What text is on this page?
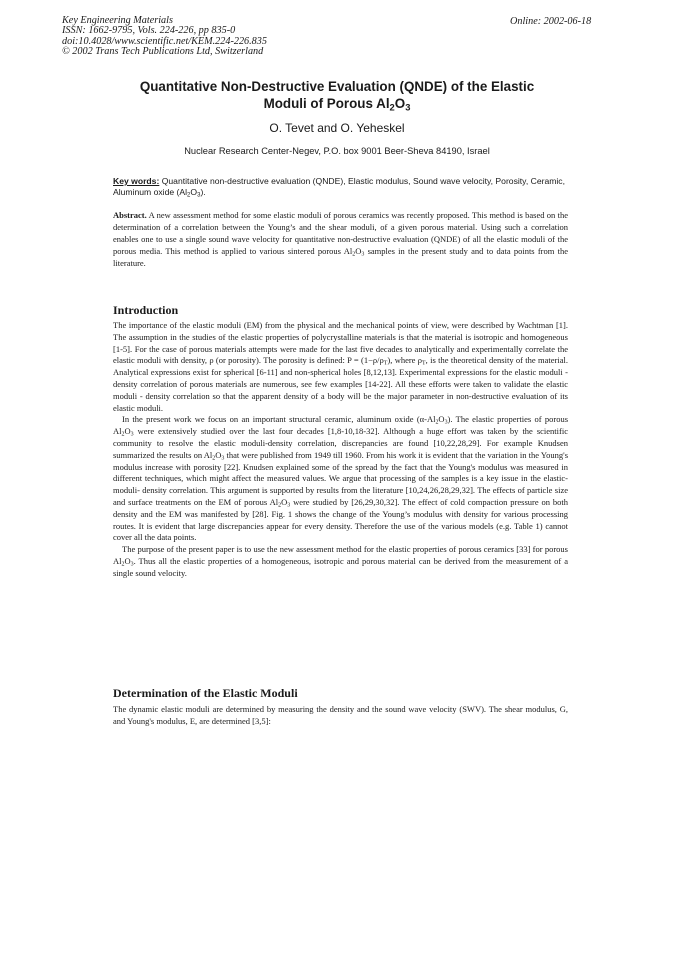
Key Engineering Materials
ISSN: 1662-9795, Vols. 224-226, pp 835-0
doi:10.4028/www.scientific.net/KEM.224-226.835
© 2002 Trans Tech Publications Ltd, Switzerland
Online: 2002-06-18
Quantitative Non-Destructive Evaluation (QNDE) of the Elastic
Moduli of Porous $Al_2O_3$
O. Tevet and O. Yeheskel
Nuclear Research Center-Negev, P.O. box 9001 Beer-Sheva 84190, Israel
Key words: Quantitative non-destructive evaluation (QNDE), Elastic modulus, Sound wave velocity, Porosity, Ceramic, Aluminum oxide $(Al_2O_3)$.

Abstract. A new assessment method for some elastic moduli of porous ceramics was recently proposed. This method is based on the determination of a correlation between the Young’s and the shear moduli, of a given porous material. Using such a correlation enables one to use a single sound wave velocity for quantitative non-destructive evaluation (QNDE) of all the elastic moduli of the porous media. This method is applied to various sintered porous $Al_2O_3$ samples in the present study and to data points from the literature.

Introduction

The importance of the elastic moduli (EM) from the physical and the mechanical points of view, were described by Wachtman [1]. The assumption in the studies of the elastic properties of polycrystalline materials is that the material is isotropic and homogeneous [1-5]. For the case of porous materials attempts were made for the last five decades to analytically and experimentally correlate the elastic moduli with density, ρ (or porosity). The porosity is defined: $P = (1-\rho/\rho_T)$, where $\rho_T$, is the theoretical density of the material. Analytical expressions exist for spherical [6-11] and non-spherical holes [8,12,13]. Experimental expressions for the elastic moduli - density correlation of porous materials are numerous, see few examples [14-22]. All these efforts were taken to validate the elastic moduli - density correlation so that the apparent density of a body will be the major parameter in non-destructive evaluation of its elastic moduli.

In the present work we focus on an important structural ceramic, aluminum oxide $(\alpha-Al_2O_3)$. The elastic properties of porous $Al_2O_3$ were extensively studied over the last four decades [1,8-10,18-32]. Although a huge effort was taken by the scientific community to resolve the elastic moduli-density correlation, discrepancies are found [10,22,28,29]. For example Knudsen summarized the results on $Al_2O_3$ that were published from 1949 till 1960. From his work it is evident that the variation in the Young's modulus increase with porosity [22]. Knudsen explained some of the spread by the fact that the Young's modulus was measured in different techniques, which might affect the measured values. We argue that processing of the samples is a key issue in the elastic-moduli- density correlation. This argument is supported by results from the literature [10,24,26,28,29,32]. The effects of particle size and surface treatments on the EM of porous $Al_2O_3$ were studied by [26,29,30,32]. The effect of cold compaction pressure on both density and the EM was manifested by [28]. Fig. 1 shows the change of the Young’s modulus with density for various processing routes. It is evident that large discrepancies appear for every density. Therefore the use of the various models (e.g. Table 1) cannot cover all the data points.

The purpose of the present paper is to use the new assessment method for the elastic properties of porous ceramics [33] for porous $Al_2O_3$. Thus all the elastic properties of a homogeneous, isotropic and porous material can be derived from the measurement of a single sound velocity.

Determination of the Elastic Moduli

The dynamic elastic moduli are determined by measuring the density and the sound wave velocity (SWV). The shear modulus, G, and Young's modulus, E, are determined [3,5]:
